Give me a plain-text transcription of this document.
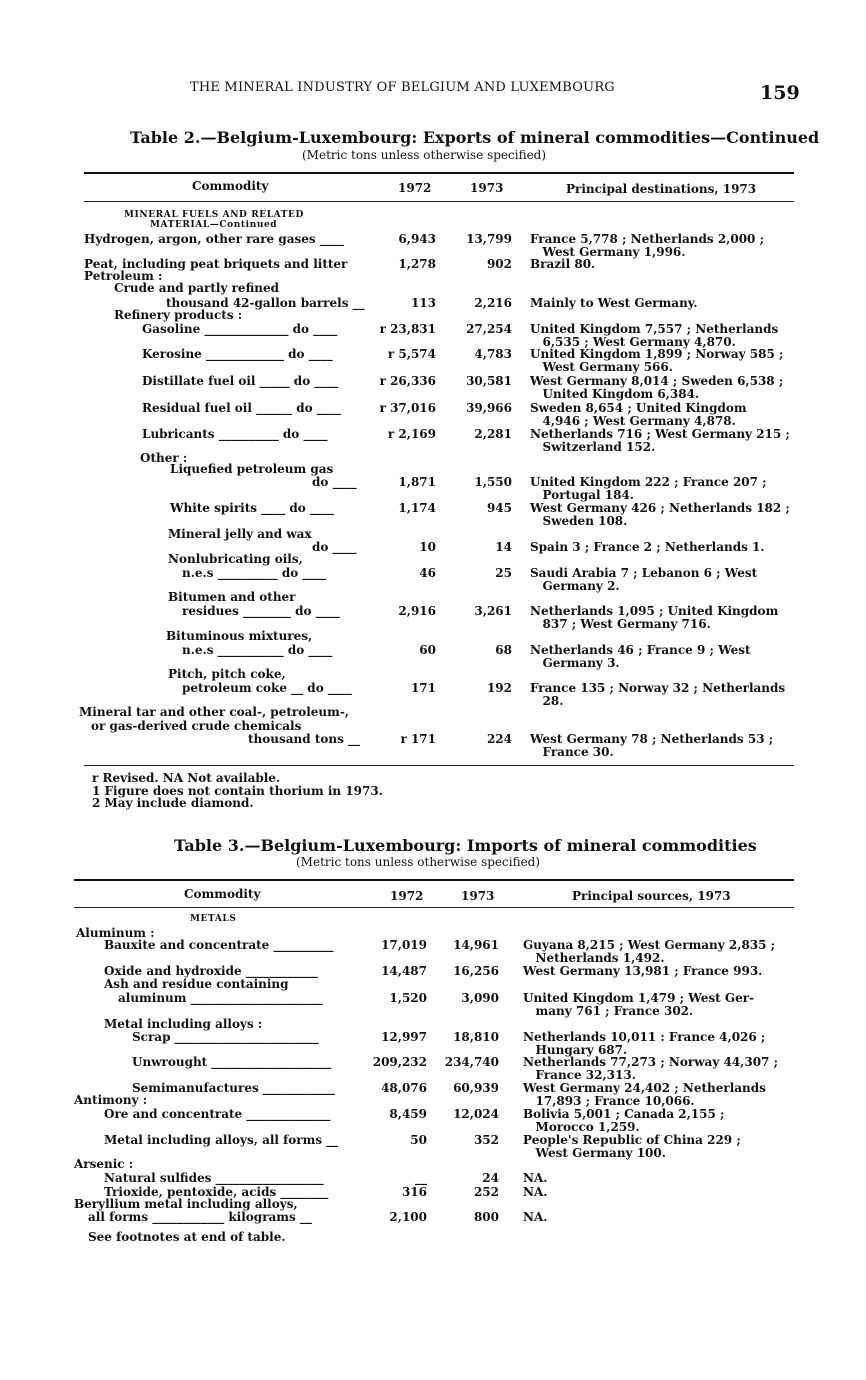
THE MINERAL INDUSTRY OF BELGIUM AND LUXEMBOURG	159
Table 2.—Belgium-Luxembourg: Exports of mineral commodities—Continued
(Metric tons unless otherwise specified)
Commodity	1972	1973	Principal destinations, 1973
MINERAL FUELS AND RELATED
MATERIAL—Continued
Hydrogen, argon, other rare gases ____	6,943	13,799 France 5,778 ; Netherlands 2,000 ;
West Germany 1,996.
Peat, including peat briquets and litter	1,278	902 Brazil 80.
Petroleum :
Crude and partly refined
thousand 42-gallon barrels __	113	2,216 Mainly to West Germany.
Refinery products :
Gasoline ______________ do ____	r 23,831	27,254 United Kingdom 7,557 ; Netherlands
6,535 ; West Germany 4,870.
Kerosine _____________ do ____	r 5,574	4,783 United Kingdom 1,899 ; Norway 585 ;
West Germany 566.
Distillate fuel oil _____ do ____	r 26,336	30,581 West Germany 8,014 ; Sweden 6,538 ;
United Kingdom 6,384.
Residual fuel oil ______ do ____	r 37,016	39,966 Sweden 8,654 ; United Kingdom
4,946 ; West Germany 4,878.
Lubricants __________ do ____	r 2,169	2,281 Netherlands 716 ; West Germany 215 ;
Switzerland 152.
Other :
Liquefied petroleum gas
do ____	1,871	1,550 United Kingdom 222 ; France 207 ;
Portugal 184.
White spirits ____ do ____	1,174	945 West Germany 426 ; Netherlands 182 ;
Sweden 108.
Mineral jelly and wax
do ____	10	14 Spain 3 ; France 2 ; Netherlands 1.
Nonlubricating oils,
n.e.s __________ do ____	46	25 Saudi Arabia 7 ; Lebanon 6 ; West
Germany 2.
Bitumen and other
residues ________ do ____	2,916	3,261 Netherlands 1,095 ; United Kingdom
837 ; West Germany 716.
Bituminous mixtures,
n.e.s ___________ do ____	60	68 Netherlands 46 ; France 9 ; West
Germany 3.
Pitch, pitch coke,
petroleum coke __ do ____	171	192 France 135 ; Norway 32 ; Netherlands
28.
Mineral tar and other coal-, petroleum-,
or gas-derived crude chemicals
thousand tons __	r 171	224 West Germany 78 ; Netherlands 53 ;
France 30.
r Revised. NA Not available.
1 Figure does not contain thorium in 1973.
2 May include diamond.
Table 3.—Belgium-Luxembourg: Imports of mineral commodities
(Metric tons unless otherwise specified)
Commodity	1972	1973	Principal sources, 1973
METALS
Aluminum :
Bauxite and concentrate __________	17,019	14,961 Guyana 8,215 ; West Germany 2,835 ;
Netherlands 1,492.
Oxide and hydroxide ____________	14,487	16,256 West Germany 13,981 ; France 993.
Ash and residue containing
aluminum ______________________	1,520	3,090 United Kingdom 1,479 ; West Ger-
many 761 ; France 302.
Metal including alloys :
Scrap ________________________	12,997	18,810 Netherlands 10,011 : France 4,026 ;
Hungary 687.
Unwrought ____________________	209,232	234,740 Netherlands 77,273 ; Norway 44,307 ;
France 32,313.
Semimanufactures ____________	48,076	60,939 West Germany 24,402 ; Netherlands
17,893 ; France 10,066.
Antimony :
Ore and concentrate ______________	8,459	12,024 Bolivia 5,001 ; Canada 2,155 ;
Morocco 1,259.
Metal including alloys, all forms __	50	352 People's Republic of China 229 ;
West Germany 100.
Arsenic :
Natural sulfides __________________	__	24 NA.
Trioxide, pentoxide, acids ________	316	252 NA.
Beryllium metal including alloys,
all forms ____________ kilograms __	2,100	800 NA.
See footnotes at end of table.
